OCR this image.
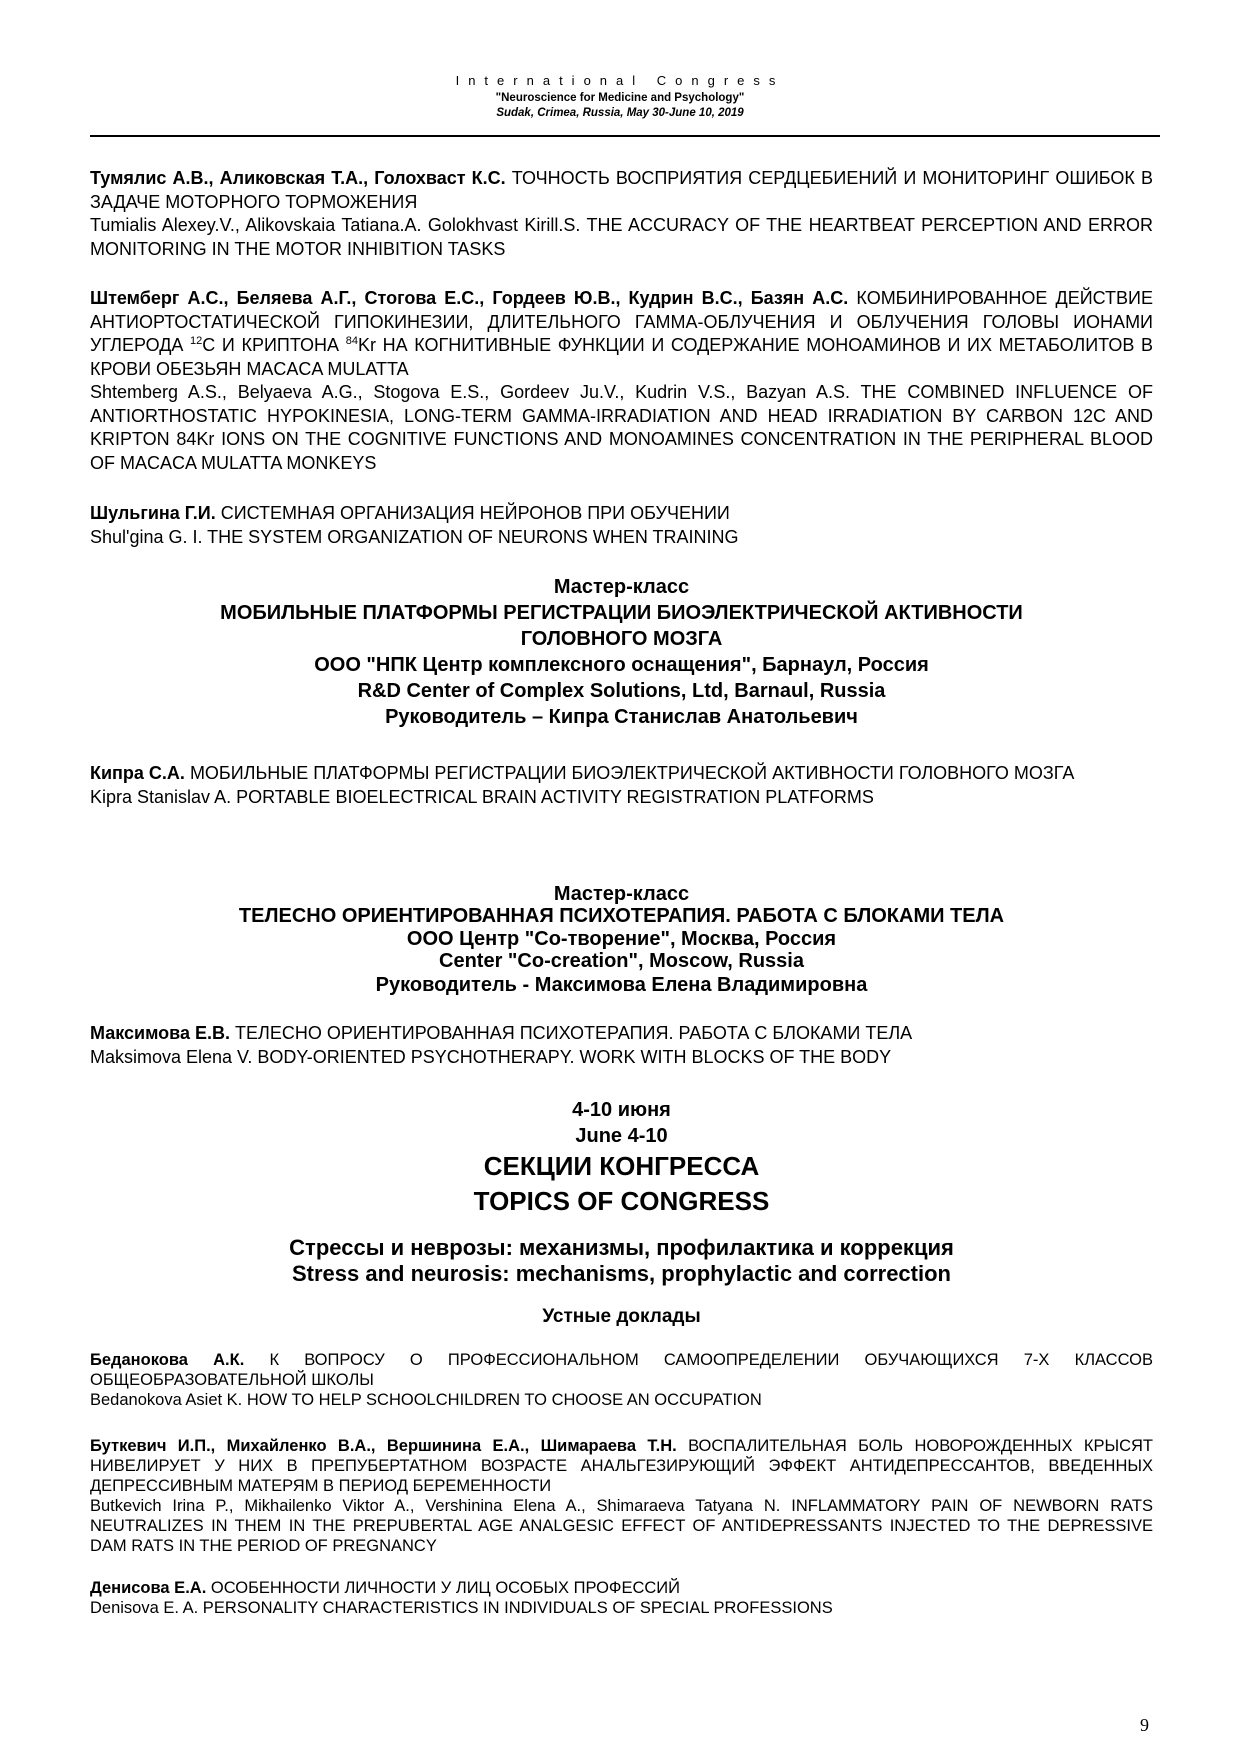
International Congress
"Neuroscience for Medicine and Psychology"
Sudak, Crimea, Russia, May 30-June 10, 2019
Тумялис А.В., Аликовская Т.А., Голохваст К.С. ТОЧНОСТЬ ВОСПРИЯТИЯ СЕРДЦЕБИЕНИЙ И МОНИТОРИНГ ОШИБОК В ЗАДАЧЕ МОТОРНОГО ТОРМОЖЕНИЯ
Tumialis Alexey.V., Alikovskaia Tatiana.A. Golokhvast Kirill.S. THE ACCURACY OF THE HEARTBEAT PERCEPTION AND ERROR MONITORING IN THE MOTOR INHIBITION TASKS
Штемберг А.С., Беляева А.Г., Стогова Е.С., Гордеев Ю.В., Кудрин В.С., Базян А.С. КОМБИНИРОВАННОЕ ДЕЙСТВИЕ АНТИОРТОСТАТИЧЕСКОЙ ГИПОКИНЕЗИИ, ДЛИТЕЛЬНОГО ГАММА-ОБЛУЧЕНИЯ И ОБЛУЧЕНИЯ ГОЛОВЫ ИОНАМИ УГЛЕРОДА $^{12}$С И КРИПТОНА $^{84}$Kr НА КОГНИТИВНЫЕ ФУНКЦИИ И СОДЕРЖАНИЕ МОНОАМИНОВ И ИХ МЕТАБОЛИТОВ В КРОВИ ОБЕЗЬЯН MACACA MULATTA
Shtemberg A.S., Belyaeva A.G., Stogova E.S., Gordeev Ju.V., Kudrin V.S., Bazyan A.S. THE COMBINED INFLUENCE OF ANTIORTHOSTATIC HYPOKINESIA, LONG-TERM GAMMA-IRRADIATION AND HEAD IRRADIATION BY CARBON 12C AND KRIPTON 84Kr IONS ON THE COGNITIVE FUNCTIONS AND MONOAMINES CONCENTRATION IN THE PERIPHERAL BLOOD OF MACACA MULATTA MONKEYS
Шульгина Г.И. СИСТЕМНАЯ ОРГАНИЗАЦИЯ НЕЙРОНОВ ПРИ ОБУЧЕНИИ
Shul'gina G. I. THE SYSTEM ORGANIZATION OF NEURONS WHEN TRAINING
Мастер-класс
МОБИЛЬНЫЕ ПЛАТФОРМЫ РЕГИСТРАЦИИ БИОЭЛЕКТРИЧЕСКОЙ АКТИВНОСТИ
ГОЛОВНОГО МОЗГА
ООО "НПК Центр комплексного оснащения", Барнаул, Россия
R&D Center of Complex Solutions, Ltd, Barnaul, Russia
Руководитель – Кипра Станислав Анатольевич
Кипра С.А. МОБИЛЬНЫЕ ПЛАТФОРМЫ РЕГИСТРАЦИИ БИОЭЛЕКТРИЧЕСКОЙ АКТИВНОСТИ ГОЛОВНОГО МОЗГА
Kipra Stanislav A. PORTABLE BIOELECTRICAL BRAIN ACTIVITY REGISTRATION PLATFORMS
Мастер-класс
ТЕЛЕСНО ОРИЕНТИРОВАННАЯ ПСИХОТЕРАПИЯ. РАБОТА С БЛОКАМИ ТЕЛА
ООО Центр "Со-творение", Москва, Россия
Center "Co-creation", Moscow, Russia
Руководитель - Максимова Елена Владимировна
Максимова Е.В. ТЕЛЕСНО ОРИЕНТИРОВАННАЯ ПСИХОТЕРАПИЯ. РАБОТА С БЛОКАМИ ТЕЛА
Maksimova Elena V. BODY-ORIENTED PSYCHOTHERAPY. WORK WITH BLOCKS OF THE BODY
4-10 июня
June 4-10
СЕКЦИИ КОНГРЕССА
TOPICS OF CONGRESS
Стрессы и неврозы: механизмы, профилактика и коррекция
Stress and neurosis: mechanisms, prophylactic and correction
Устные доклады
Беданокова А.К. К ВОПРОСУ О ПРОФЕССИОНАЛЬНОМ САМООПРЕДЕЛЕНИИ ОБУЧАЮЩИХСЯ 7-Х КЛАССОВ ОБЩЕОБРАЗОВАТЕЛЬНОЙ ШКОЛЫ
Bedanokova Asiet K. HOW TO HELP SCHOOLCHILDREN TO CHOOSE AN OCCUPATION
Буткевич И.П., Михайленко В.А., Вершинина Е.А., Шимараева Т.Н. ВОСПАЛИТЕЛЬНАЯ БОЛЬ НОВОРОЖДЕННЫХ КРЫСЯТ НИВЕЛИРУЕТ У НИХ В ПРЕПУБЕРТАТНОМ ВОЗРАСТЕ АНАЛЬГЕЗИРУЮЩИЙ ЭФФЕКТ АНТИДЕПРЕССАНТОВ, ВВЕДЕННЫХ ДЕПРЕССИВНЫМ МАТЕРЯМ В ПЕРИОД БЕРЕМЕННОСТИ
Butkevich Irina P., Mikhailenko Viktor A., Vershinina Elena A., Shimaraeva Tatyana N. INFLAMMATORY PAIN OF NEWBORN RATS NEUTRALIZES IN THEM IN THE PREPUBERTAL AGE ANALGESIC EFFECT OF ANTIDEPRESSANTS INJECTED TO THE DEPRESSIVE DAM RATS IN THE PERIOD OF PREGNANCY
Денисова Е.А. ОСОБЕННОСТИ ЛИЧНОСТИ У ЛИЦ ОСОБЫХ ПРОФЕССИЙ
Denisova E. A. PERSONALITY CHARACTERISTICS IN INDIVIDUALS OF SPECIAL PROFESSIONS
9
